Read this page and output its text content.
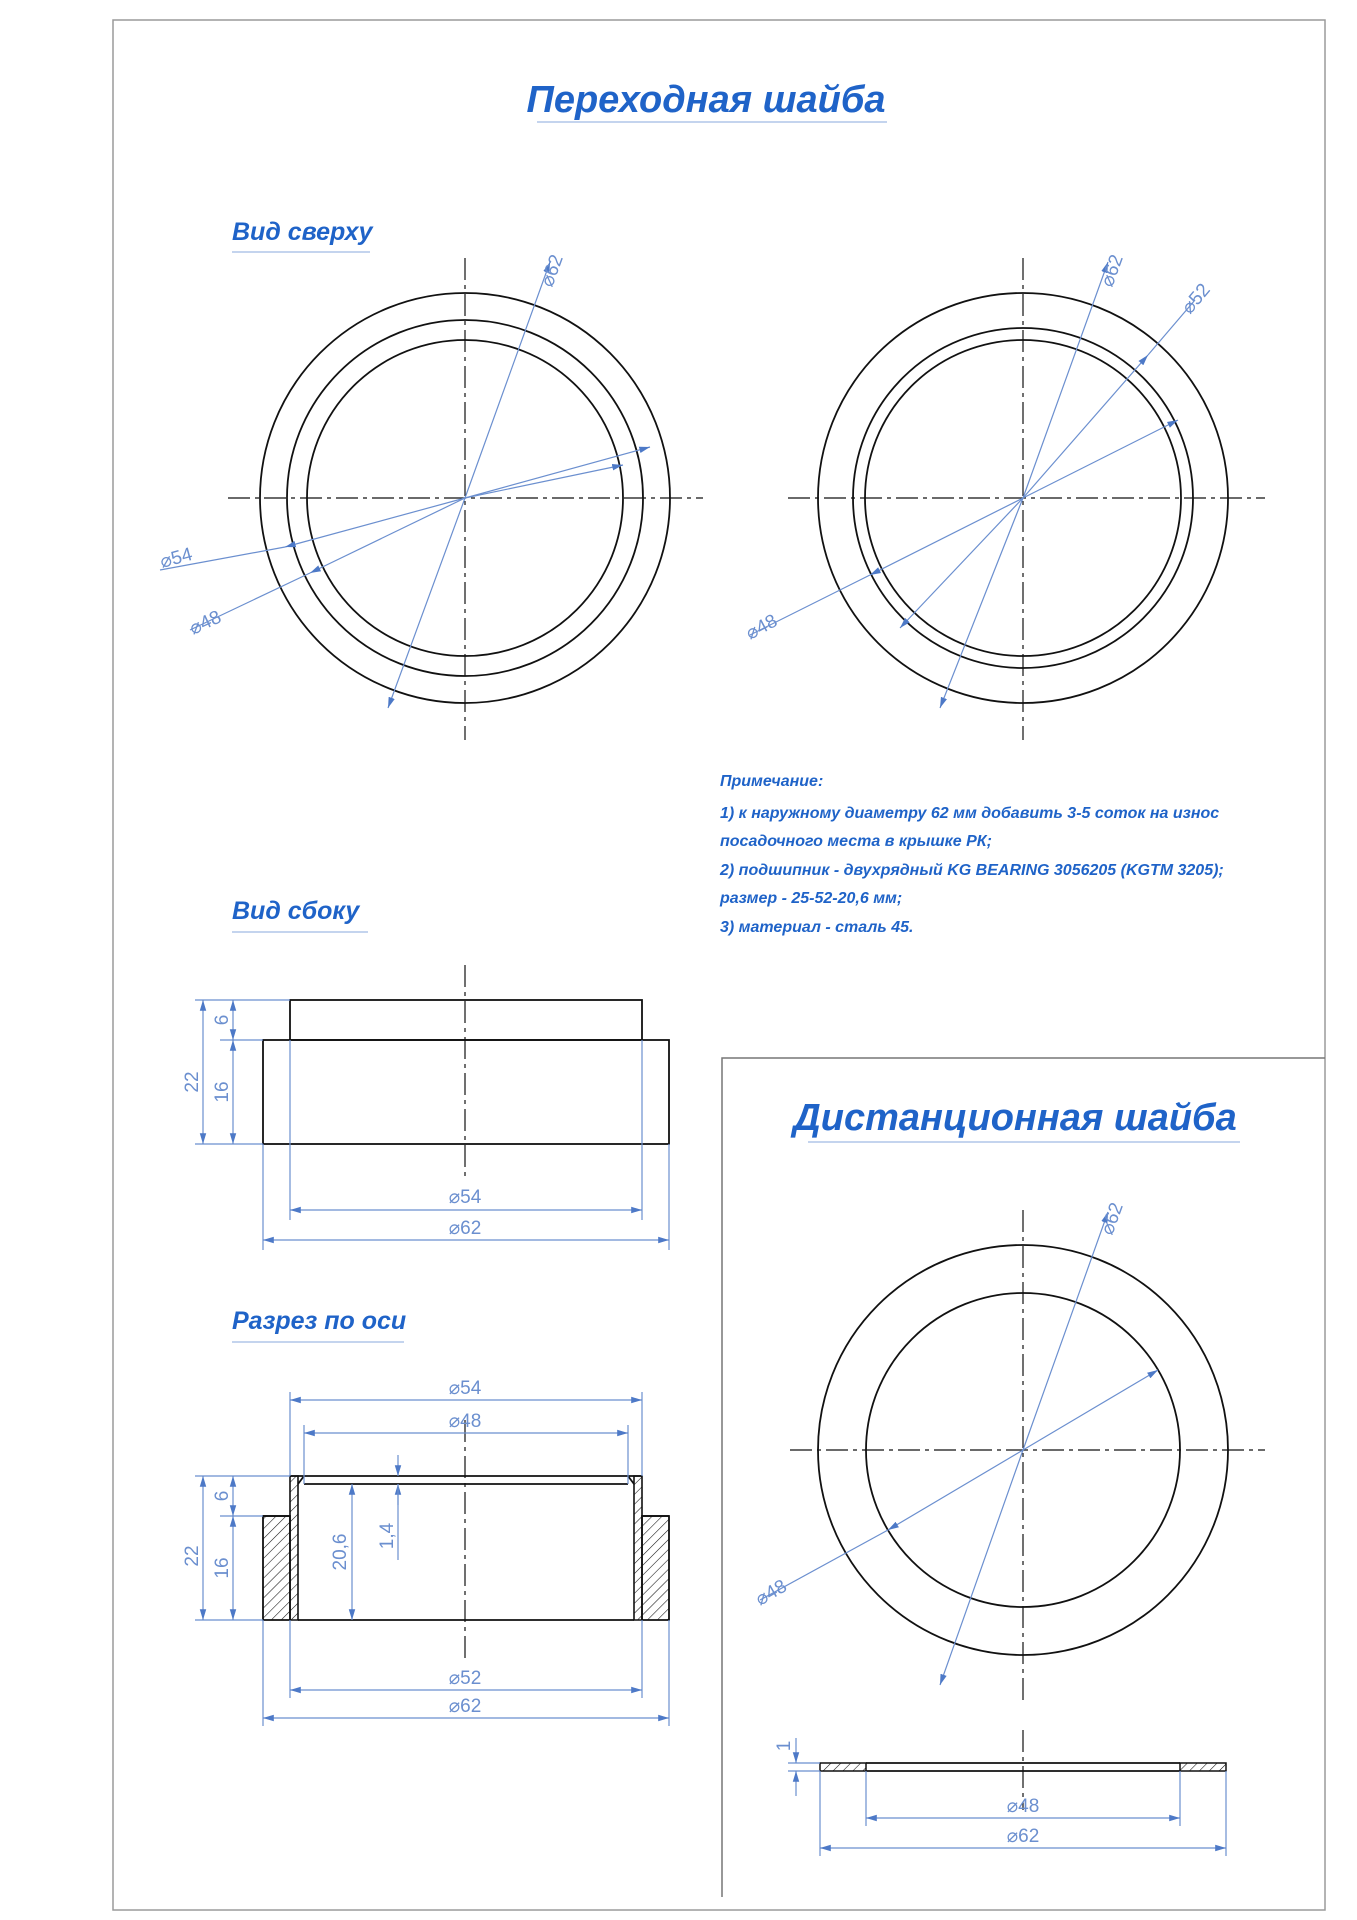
Переходная шайба
Вид сверху
⌀62
⌀54
⌀48
⌀62
⌀52
⌀48
Примечание:
1) к наружному диаметру 62 мм добавить 3-5 соток на износ
посадочного места в крышке РК;
2) подшипник - двухрядный KG BEARING 3056205 (KGTM 3205);
размер - 25-52-20,6 мм;
3) материал - сталь 45.
Вид сбоку
22
6
16
⌀54
⌀62
Разрез по оси
⌀54
⌀48
22
6
16	20,6 1,4
⌀52
⌀62
Дистанционная шайба
⌀62
⌀48
1
⌀48
⌀62
